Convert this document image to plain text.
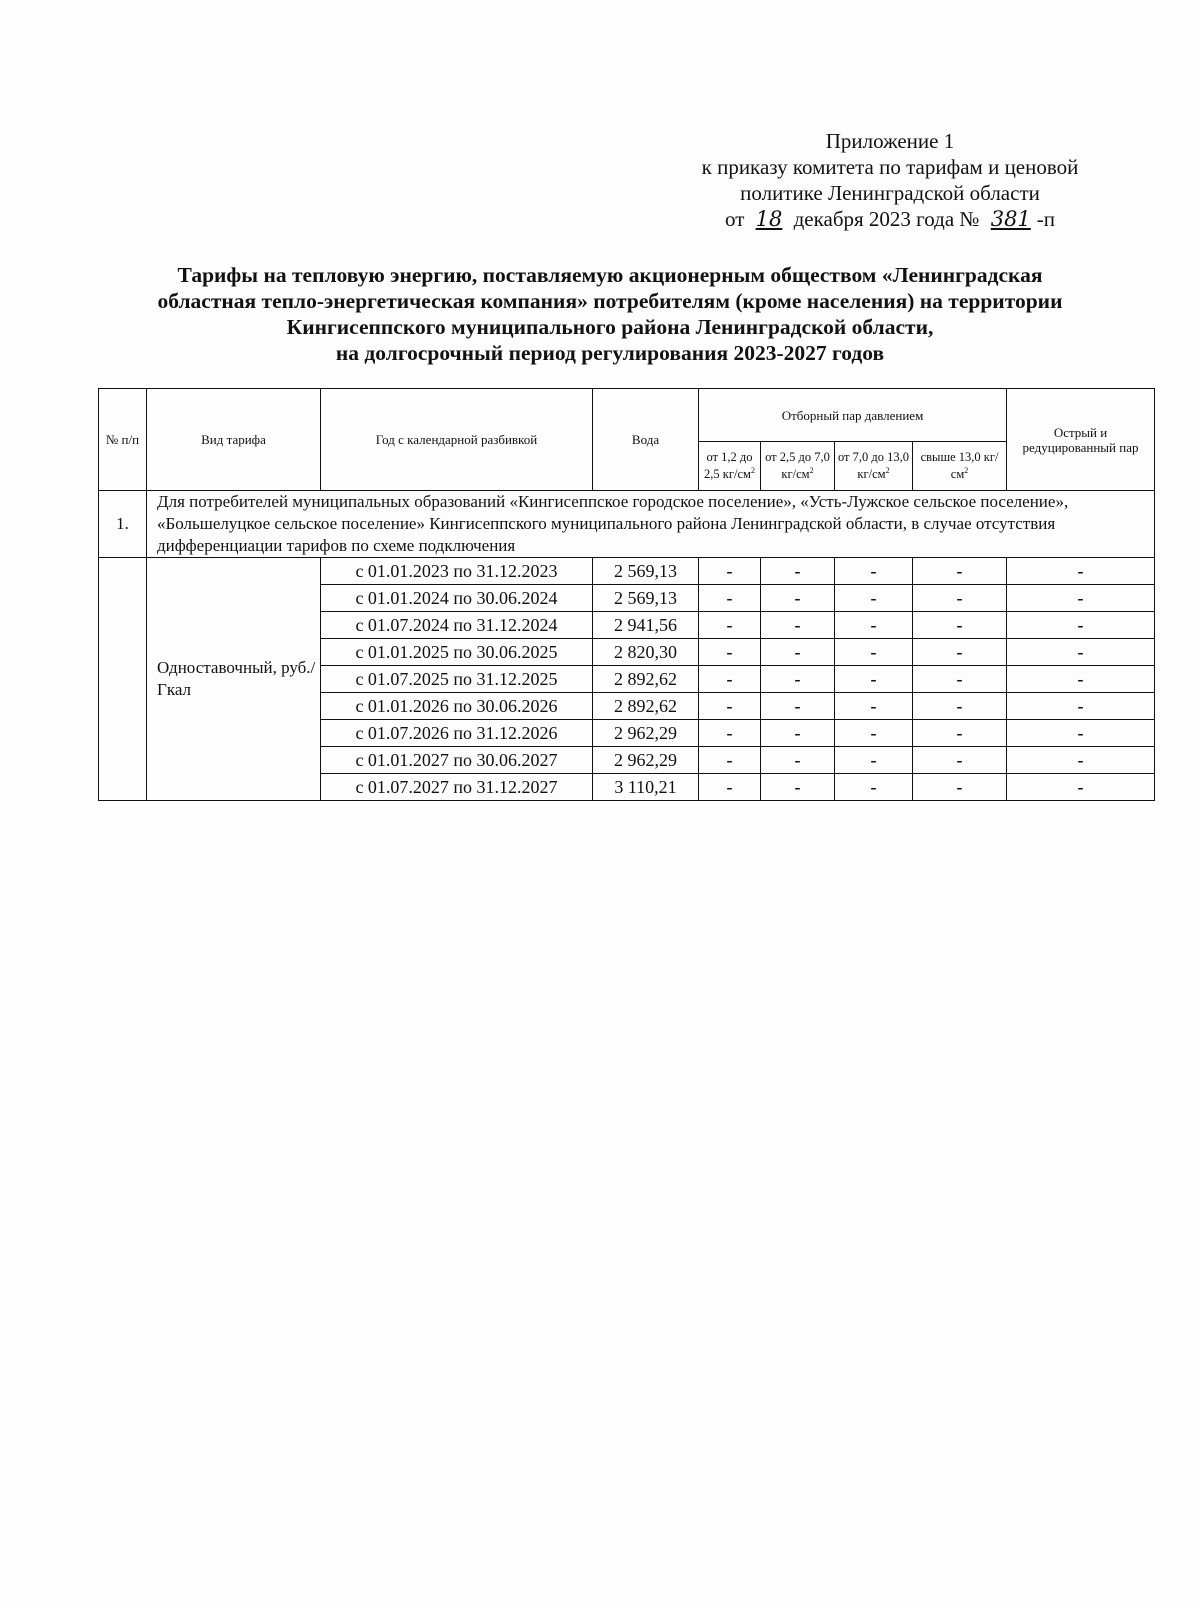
Приложение 1
к приказу комитета по тарифам и ценовой
политике Ленинградской области
от 18 декабря 2023 года № 381 -п
Тарифы на тепловую энергию, поставляемую акционерным обществом «Ленинградская
областная тепло-энергетическая компания» потребителям (кроме населения) на территории
Кингисеппского муниципального района Ленинградской области,
на долгосрочный период регулирования 2023-2027 годов
№ п/п	Вид тарифа	Год с календарной разбивкой	Вода	Отборный пар давлением				Острый и редуцированный пар
				от 1,2 до 2,5 $кг/см^2$	от 2,5 до 7,0 $кг/см^2$	от 7,0 до 13,0 $кг/см^2$	свыше 13,0 $кг/см^2$
1.	Для потребителей муниципальных образований «Кингисеппское городское поселение», «Усть-Лужское сельское поселение», «Большелуцкое сельское поселение» Кингисеппского муниципального района Ленинградской области, в случае отсутствия дифференциации тарифов по схеме подключения							
	Одноставочный, руб./Гкал	с 01.01.2023 по 31.12.2023	2 569,13	-	-	-	-	-
		с 01.01.2024 по 30.06.2024	2 569,13	-	-	-	-	-
		с 01.07.2024 по 31.12.2024	2 941,56	-	-	-	-	-
		с 01.01.2025 по 30.06.2025	2 820,30	-	-	-	-	-
		с 01.07.2025 по 31.12.2025	2 892,62	-	-	-	-	-
		с 01.01.2026 по 30.06.2026	2 892,62	-	-	-	-	-
		с 01.07.2026 по 31.12.2026	2 962,29	-	-	-	-	-
		с 01.01.2027 по 30.06.2027	2 962,29	-	-	-	-	-
		с 01.07.2027 по 31.12.2027	3 110,21	-	-	-	-	-
